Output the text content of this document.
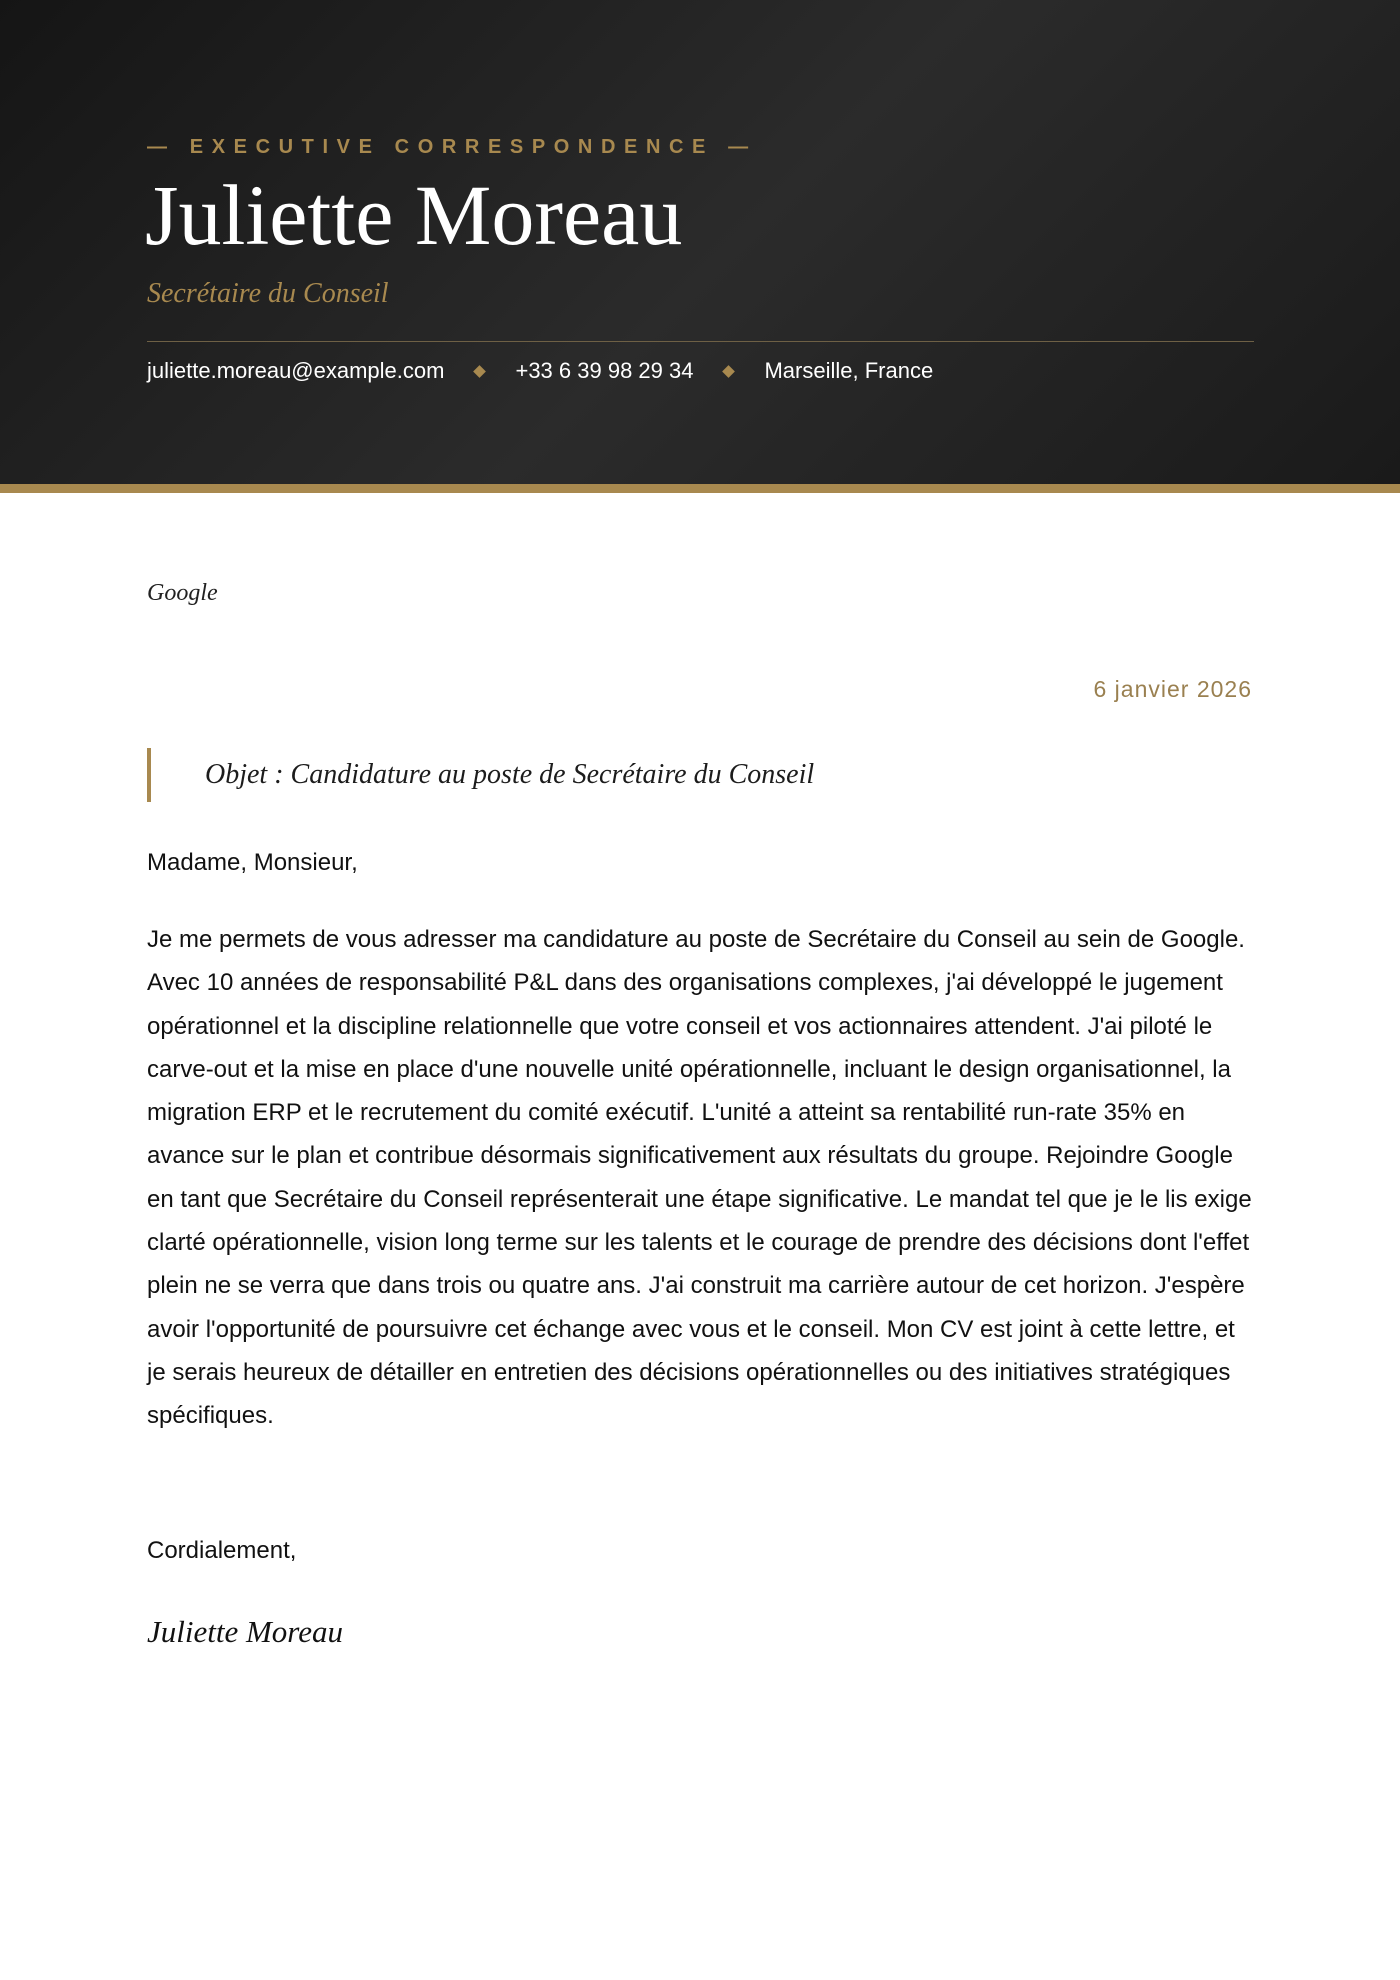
— EXECUTIVE CORRESPONDENCE —
Juliette Moreau
Secrétaire du Conseil
juliette.moreau@example.com	+33 6 39 98 29 34	Marseille, France
Google
6 janvier 2026
Objet : Candidature au poste de Secrétaire du Conseil
Madame, Monsieur,

Je me permets de vous adresser ma candidature au poste de Secrétaire du Conseil au sein de Google. Avec 10 années de responsabilité P&L dans des organisations complexes, j'ai développé le jugement opérationnel et la discipline relationnelle que votre conseil et vos actionnaires attendent. J'ai piloté le carve-out et la mise en place d'une nouvelle unité opérationnelle, incluant le design organisationnel, la migration ERP et le recrutement du comité exécutif. L'unité a atteint sa rentabilité run-rate 35% en avance sur le plan et contribue désormais significativement aux résultats du groupe. Rejoindre Google en tant que Secrétaire du Conseil représenterait une étape significative. Le mandat tel que je le lis exige clarté opérationnelle, vision long terme sur les talents et le courage de prendre des décisions dont l'effet plein ne se verra que dans trois ou quatre ans. J'ai construit ma carrière autour de cet horizon. J'espère avoir l'opportunité de poursuivre cet échange avec vous et le conseil. Mon CV est joint à cette lettre, et je serais heureux de détailler en entretien des décisions opérationnelles ou des initiatives stratégiques spécifiques.

Cordialement,
Juliette Moreau
